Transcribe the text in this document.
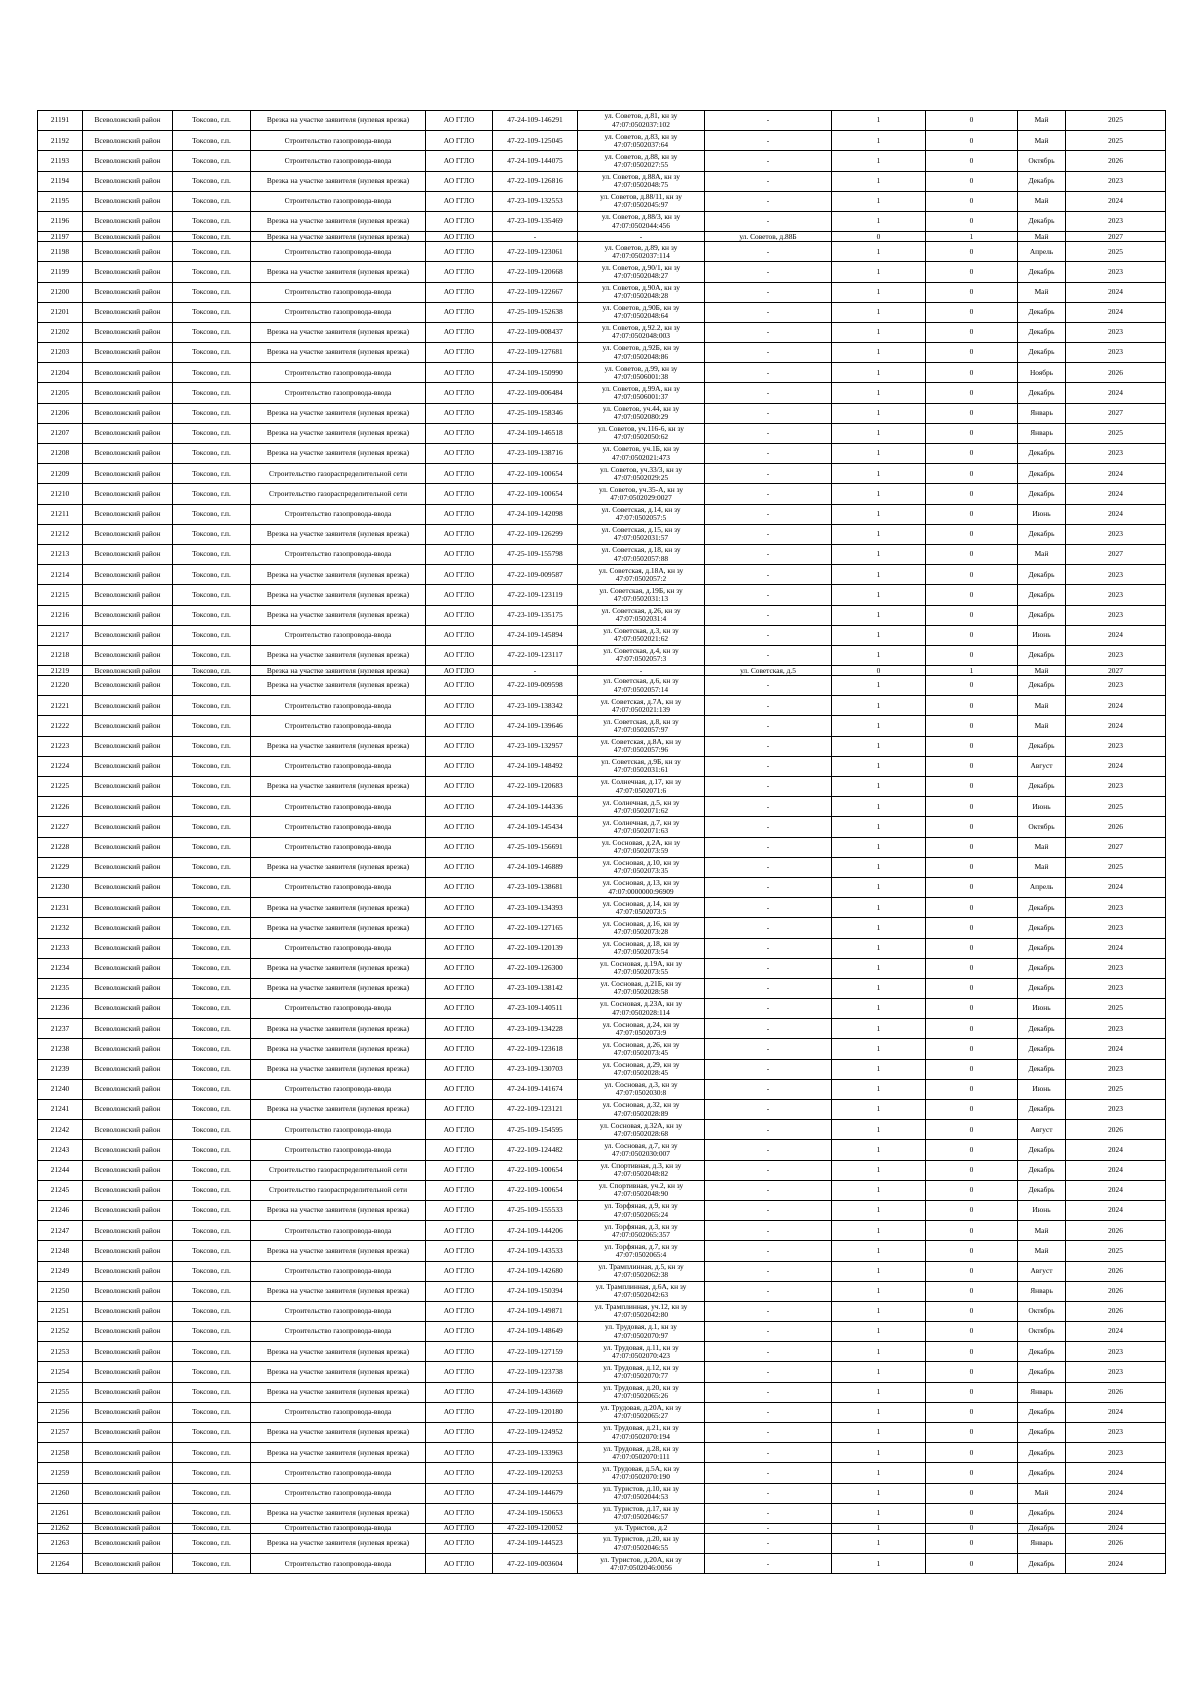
21191	Всеволожский район	Токсово, г.п.	Врезка на участке заявителя (нулевая врезка)	АО ГГЛО	47-24-109-146291	ул. Советов, д.81, кн зу 47:07:0502037:102	-	1	0	Май	2025
21192	Всеволожский район	Токсово, г.п.	Строительство газопровода-ввода	АО ГГЛО	47-22-109-125045	ул. Советов, д.83, кн зу 47:07:0502037:64	-	1	0	Май	2025
21193	Всеволожский район	Токсово, г.п.	Строительство газопровода-ввода	АО ГГЛО	47-24-109-144075	ул. Советов, д.88, кн зу 47:07:0502027:55	-	1	0	Октябрь	2026
21194	Всеволожский район	Токсово, г.п.	Врезка на участке заявителя (нулевая врезка)	АО ГГЛО	47-22-109-126816	ул. Советов, д.88А, кн зу 47:07:0502048:75	-	1	0	Декабрь	2023
21195	Всеволожский район	Токсово, г.п.	Строительство газопровода-ввода	АО ГГЛО	47-23-109-132553	ул. Советов, д.88/11, кн зу 47:07:0502045:97	-	1	0	Май	2024
21196	Всеволожский район	Токсово, г.п.	Врезка на участке заявителя (нулевая врезка)	АО ГГЛО	47-23-109-135469	ул. Советов, д.88/3, кн зу 47:07:0502044:456	-	1	0	Декабрь	2023
21197	Всеволожский район	Токсово, г.п.	Врезка на участке заявителя (нулевая врезка)	АО ГГЛО	-	-	ул. Советов, д.88Б	0	1	Май	2027
21198	Всеволожский район	Токсово, г.п.	Строительство газопровода-ввода	АО ГГЛО	47-22-109-123061	ул. Советов, д.89, кн зу 47:07:0502037:114	-	1	0	Апрель	2025
21199	Всеволожский район	Токсово, г.п.	Врезка на участке заявителя (нулевая врезка)	АО ГГЛО	47-22-109-120668	ул. Советов, д.90/1, кн зу 47:07:0502048:27	-	1	0	Декабрь	2023
21200	Всеволожский район	Токсово, г.п.	Строительство газопровода-ввода	АО ГГЛО	47-22-109-122667	ул. Советов, д.90А, кн зу 47:07:0502048:28	-	1	0	Май	2024
21201	Всеволожский район	Токсово, г.п.	Строительство газопровода-ввода	АО ГГЛО	47-25-109-152638	ул. Советов, д.90Б, кн зу 47:07:0502048:64	-	1	0	Декабрь	2024
21202	Всеволожский район	Токсово, г.п.	Врезка на участке заявителя (нулевая врезка)	АО ГГЛО	47-22-109-008437	ул. Советов, д.92.2, кн зу 47:07:0502048:003	-	1	0	Декабрь	2023
21203	Всеволожский район	Токсово, г.п.	Врезка на участке заявителя (нулевая врезка)	АО ГГЛО	47-22-109-127681	ул. Советов, д.92Б, кн зу 47:07:0502048:86	-	1	0	Декабрь	2023
21204	Всеволожский район	Токсово, г.п.	Строительство газопровода-ввода	АО ГГЛО	47-24-109-150990	ул. Советов, д.99, кн зу 47:07:0506001:38	-	1	0	Ноябрь	2026
21205	Всеволожский район	Токсово, г.п.	Строительство газопровода-ввода	АО ГГЛО	47-22-109-006484	ул. Советов, д.99А, кн зу 47:07:0506001:37	-	1	0	Декабрь	2024
21206	Всеволожский район	Токсово, г.п.	Врезка на участке заявителя (нулевая врезка)	АО ГГЛО	47-25-109-158346	ул. Советов, уч.44, кн зу 47:07:0502080:29	-	1	0	Январь	2027
21207	Всеволожский район	Токсово, г.п.	Врезка на участке заявителя (нулевая врезка)	АО ГГЛО	47-24-109-146518	ул. Советов, уч.116-6, кн зу 47:07:0502050:62	-	1	0	Январь	2025
21208	Всеволожский район	Токсово, г.п.	Врезка на участке заявителя (нулевая врезка)	АО ГГЛО	47-23-109-138716	ул. Советов, уч.1Б, кн зу 47:07:0502021:473	-	1	0	Декабрь	2023
21209	Всеволожский район	Токсово, г.п.	Строительство газораспределительной сети	АО ГГЛО	47-22-109-100654	ул. Советов, уч.33/3, кн зу 47:07:0502029:25	-	1	0	Декабрь	2024
21210	Всеволожский район	Токсово, г.п.	Строительство газораспределительной сети	АО ГГЛО	47-22-109-100654	ул. Советов, уч.35-А, кн зу 47:07:0502029:0027	-	1	0	Декабрь	2024
21211	Всеволожский район	Токсово, г.п.	Строительство газопровода-ввода	АО ГГЛО	47-24-109-142098	ул. Советская, д.14, кн зу 47:07:0502057:5	-	1	0	Июнь	2024
21212	Всеволожский район	Токсово, г.п.	Врезка на участке заявителя (нулевая врезка)	АО ГГЛО	47-22-109-126299	ул. Советская, д.15, кн зу 47:07:0502031:57	-	1	0	Декабрь	2023
21213	Всеволожский район	Токсово, г.п.	Строительство газопровода-ввода	АО ГГЛО	47-25-109-155798	ул. Советская, д.18, кн зу 47:07:0502057:88	-	1	0	Май	2027
21214	Всеволожский район	Токсово, г.п.	Врезка на участке заявителя (нулевая врезка)	АО ГГЛО	47-22-109-009587	ул. Советская, д.18А, кн зу 47:07:0502057:2	-	1	0	Декабрь	2023
21215	Всеволожский район	Токсово, г.п.	Врезка на участке заявителя (нулевая врезка)	АО ГГЛО	47-22-109-123119	ул. Советская, д.19Б, кн зу 47:07:0502031:13	-	1	0	Декабрь	2023
21216	Всеволожский район	Токсово, г.п.	Врезка на участке заявителя (нулевая врезка)	АО ГГЛО	47-23-109-135175	ул. Советская, д.26, кн зу 47:07:0502031:4	-	1	0	Декабрь	2023
21217	Всеволожский район	Токсово, г.п.	Строительство газопровода-ввода	АО ГГЛО	47-24-109-145894	ул. Советская, д.3, кн зу 47:07:0502021:62	-	1	0	Июнь	2024
21218	Всеволожский район	Токсово, г.п.	Врезка на участке заявителя (нулевая врезка)	АО ГГЛО	47-22-109-123117	ул. Советская, д.4, кн зу 47:07:0502057:3	-	1	0	Декабрь	2023
21219	Всеволожский район	Токсово, г.п.	Врезка на участке заявителя (нулевая врезка)	АО ГГЛО	-	-	ул. Советская, д.5	0	1	Май	2027
21220	Всеволожский район	Токсово, г.п.	Врезка на участке заявителя (нулевая врезка)	АО ГГЛО	47-22-109-009598	ул. Советская, д.6, кн зу 47:07:0502057:14	-	1	0	Декабрь	2023
21221	Всеволожский район	Токсово, г.п.	Строительство газопровода-ввода	АО ГГЛО	47-23-109-138342	ул. Советская, д.7А, кн зу 47:07:0502021:139	-	1	0	Май	2024
21222	Всеволожский район	Токсово, г.п.	Строительство газопровода-ввода	АО ГГЛО	47-24-109-139646	ул. Советская, д.8, кн зу 47:07:0502057:97	-	1	0	Май	2024
21223	Всеволожский район	Токсово, г.п.	Врезка на участке заявителя (нулевая врезка)	АО ГГЛО	47-23-109-132957	ул. Советская, д.8А, кн зу 47:07:0502057:96	-	1	0	Декабрь	2023
21224	Всеволожский район	Токсово, г.п.	Строительство газопровода-ввода	АО ГГЛО	47-24-109-148492	ул. Советская, д.9Б, кн зу 47:07:0502031:61	-	1	0	Август	2024
21225	Всеволожский район	Токсово, г.п.	Врезка на участке заявителя (нулевая врезка)	АО ГГЛО	47-22-109-120683	ул. Солнечная, д.17, кн зу 47:07:0502071:6	-	1	0	Декабрь	2023
21226	Всеволожский район	Токсово, г.п.	Строительство газопровода-ввода	АО ГГЛО	47-24-109-144336	ул. Солнечная, д.5, кн зу 47:07:0502071:62	-	1	0	Июнь	2025
21227	Всеволожский район	Токсово, г.п.	Строительство газопровода-ввода	АО ГГЛО	47-24-109-145434	ул. Солнечная, д.7, кн зу 47:07:0502071:63	-	1	0	Октябрь	2026
21228	Всеволожский район	Токсово, г.п.	Строительство газопровода-ввода	АО ГГЛО	47-25-109-156691	ул. Сосновая, д.2А, кн зу 47:07:0502073:59	-	1	0	Май	2027
21229	Всеволожский район	Токсово, г.п.	Врезка на участке заявителя (нулевая врезка)	АО ГГЛО	47-24-109-146889	ул. Сосновая, д.10, кн зу 47:07:0502073:35	-	1	0	Май	2025
21230	Всеволожский район	Токсово, г.п.	Строительство газопровода-ввода	АО ГГЛО	47-23-109-138681	ул. Сосновая, д.13, кн зу 47:07:0000000:96909	-	1	0	Апрель	2024
21231	Всеволожский район	Токсово, г.п.	Врезка на участке заявителя (нулевая врезка)	АО ГГЛО	47-23-109-134393	ул. Сосновая, д.14, кн зу 47:07:0502073:5	-	1	0	Декабрь	2023
21232	Всеволожский район	Токсово, г.п.	Врезка на участке заявителя (нулевая врезка)	АО ГГЛО	47-22-109-127165	ул. Сосновая, д.16, кн зу 47:07:0502073:28	-	1	0	Декабрь	2023
21233	Всеволожский район	Токсово, г.п.	Строительство газопровода-ввода	АО ГГЛО	47-22-109-120139	ул. Сосновая, д.18, кн зу 47:07:0502073:54	-	1	0	Декабрь	2024
21234	Всеволожский район	Токсово, г.п.	Врезка на участке заявителя (нулевая врезка)	АО ГГЛО	47-22-109-126300	ул. Сосновая, д.19А, кн зу 47:07:0502073:55	-	1	0	Декабрь	2023
21235	Всеволожский район	Токсово, г.п.	Врезка на участке заявителя (нулевая врезка)	АО ГГЛО	47-23-109-138142	ул. Сосновая, д.21Б, кн зу 47:07:0502028:58	-	1	0	Декабрь	2023
21236	Всеволожский район	Токсово, г.п.	Строительство газопровода-ввода	АО ГГЛО	47-23-109-140511	ул. Сосновая, д.23А, кн зу 47:07:0502028:114	-	1	0	Июнь	2025
21237	Всеволожский район	Токсово, г.п.	Врезка на участке заявителя (нулевая врезка)	АО ГГЛО	47-23-109-134228	ул. Сосновая, д.24, кн зу 47:07:0502073:9	-	1	0	Декабрь	2023
21238	Всеволожский район	Токсово, г.п.	Врезка на участке заявителя (нулевая врезка)	АО ГГЛО	47-22-109-123618	ул. Сосновая, д.26, кн зу 47:07:0502073:45	-	1	0	Декабрь	2024
21239	Всеволожский район	Токсово, г.п.	Врезка на участке заявителя (нулевая врезка)	АО ГГЛО	47-23-109-130703	ул. Сосновая, д.29, кн зу 47:07:0502028:45	-	1	0	Декабрь	2023
21240	Всеволожский район	Токсово, г.п.	Строительство газопровода-ввода	АО ГГЛО	47-24-109-141674	ул. Сосновая, д.3, кн зу 47:07:0502030:8	-	1	0	Июнь	2025
21241	Всеволожский район	Токсово, г.п.	Врезка на участке заявителя (нулевая врезка)	АО ГГЛО	47-22-109-123121	ул. Сосновая, д.32, кн зу 47:07:0502028:89	-	1	0	Декабрь	2023
21242	Всеволожский район	Токсово, г.п.	Строительство газопровода-ввода	АО ГГЛО	47-25-109-154595	ул. Сосновая, д.32А, кн зу 47:07:0502028:68	-	1	0	Август	2026
21243	Всеволожский район	Токсово, г.п.	Строительство газопровода-ввода	АО ГГЛО	47-22-109-124482	ул. Сосновая, д.7, кн зу 47:07:0502030:007	-	1	0	Декабрь	2024
21244	Всеволожский район	Токсово, г.п.	Строительство газораспределительной сети	АО ГГЛО	47-22-109-100654	ул. Спортивная, д.3, кн зу 47:07:0502048:82	-	1	0	Декабрь	2024
21245	Всеволожский район	Токсово, г.п.	Строительство газораспределительной сети	АО ГГЛО	47-22-109-100654	ул. Спортивная, уч.2, кн зу 47:07:0502048:90	-	1	0	Декабрь	2024
21246	Всеволожский район	Токсово, г.п.	Врезка на участке заявителя (нулевая врезка)	АО ГГЛО	47-25-109-155533	ул. Торфяная, д.9, кн зу 47:07:0502065:24	-	1	0	Июнь	2024
21247	Всеволожский район	Токсово, г.п.	Строительство газопровода-ввода	АО ГГЛО	47-24-109-144206	ул. Торфяная, д.3, кн зу 47:07:0502065:357	-	1	0	Май	2026
21248	Всеволожский район	Токсово, г.п.	Врезка на участке заявителя (нулевая врезка)	АО ГГЛО	47-24-109-143533	ул. Торфяная, д.7, кн зу 47:07:0502065:4	-	1	0	Май	2025
21249	Всеволожский район	Токсово, г.п.	Строительство газопровода-ввода	АО ГГЛО	47-24-109-142680	ул. Трамплинная, д.5, кн зу 47:07:0502062:38	-	1	0	Август	2026
21250	Всеволожский район	Токсово, г.п.	Врезка на участке заявителя (нулевая врезка)	АО ГГЛО	47-24-109-150394	ул. Трамплинная, д.6А, кн зу 47:07:0502042:63	-	1	0	Январь	2026
21251	Всеволожский район	Токсово, г.п.	Строительство газопровода-ввода	АО ГГЛО	47-24-109-149871	ул. Трамплинная, уч.12, кн зу 47:07:0502042:80	-	1	0	Октябрь	2026
21252	Всеволожский район	Токсово, г.п.	Строительство газопровода-ввода	АО ГГЛО	47-24-109-148649	ул. Трудовая, д.1, кн зу 47:07:0502070:97	-	1	0	Октябрь	2024
21253	Всеволожский район	Токсово, г.п.	Врезка на участке заявителя (нулевая врезка)	АО ГГЛО	47-22-109-127159	ул. Трудовая, д.11, кн зу 47:07:0502070:423	-	1	0	Декабрь	2023
21254	Всеволожский район	Токсово, г.п.	Врезка на участке заявителя (нулевая врезка)	АО ГГЛО	47-22-109-123738	ул. Трудовая, д.12, кн зу 47:07:0502070:77	-	1	0	Декабрь	2023
21255	Всеволожский район	Токсово, г.п.	Врезка на участке заявителя (нулевая врезка)	АО ГГЛО	47-24-109-143669	ул. Трудовая, д.20, кн зу 47:07:0502065:26	-	1	0	Январь	2026
21256	Всеволожский район	Токсово, г.п.	Строительство газопровода-ввода	АО ГГЛО	47-22-109-120180	ул. Трудовая, д.20А, кн зу 47:07:0502065:27	-	1	0	Декабрь	2024
21257	Всеволожский район	Токсово, г.п.	Врезка на участке заявителя (нулевая врезка)	АО ГГЛО	47-22-109-124952	ул. Трудовая, д.21, кн зу 47:07:0502070:194	-	1	0	Декабрь	2023
21258	Всеволожский район	Токсово, г.п.	Врезка на участке заявителя (нулевая врезка)	АО ГГЛО	47-23-109-133963	ул. Трудовая, д.28, кн зу 47:07:0502070:111	-	1	0	Декабрь	2023
21259	Всеволожский район	Токсово, г.п.	Строительство газопровода-ввода	АО ГГЛО	47-22-109-120253	ул. Трудовая, д.5А, кн зу 47:07:0502070:190	-	1	0	Декабрь	2024
21260	Всеволожский район	Токсово, г.п.	Строительство газопровода-ввода	АО ГГЛО	47-24-109-144679	ул. Туристов, д.10, кн зу 47:07:0502044:53	-	1	0	Май	2024
21261	Всеволожский район	Токсово, г.п.	Врезка на участке заявителя (нулевая врезка)	АО ГГЛО	47-24-109-150653	ул. Туристов, д.17, кн зу 47:07:0502046:57	-	1	0	Декабрь	2024
21262	Всеволожский район	Токсово, г.п.	Строительство газопровода-ввода	АО ГГЛО	47-22-109-120052	ул. Туристов, д.2	-	1	0	Декабрь	2024
21263	Всеволожский район	Токсово, г.п.	Врезка на участке заявителя (нулевая врезка)	АО ГГЛО	47-24-109-144523	ул. Туристов, д.20, кн зу 47:07:0502046:55	-	1	0	Январь	2026
21264	Всеволожский район	Токсово, г.п.	Строительство газопровода-ввода	АО ГГЛО	47-22-109-003604	ул. Туристов, д.20А, кн зу 47:07:0502046:0056	-	1	0	Декабрь	2024
